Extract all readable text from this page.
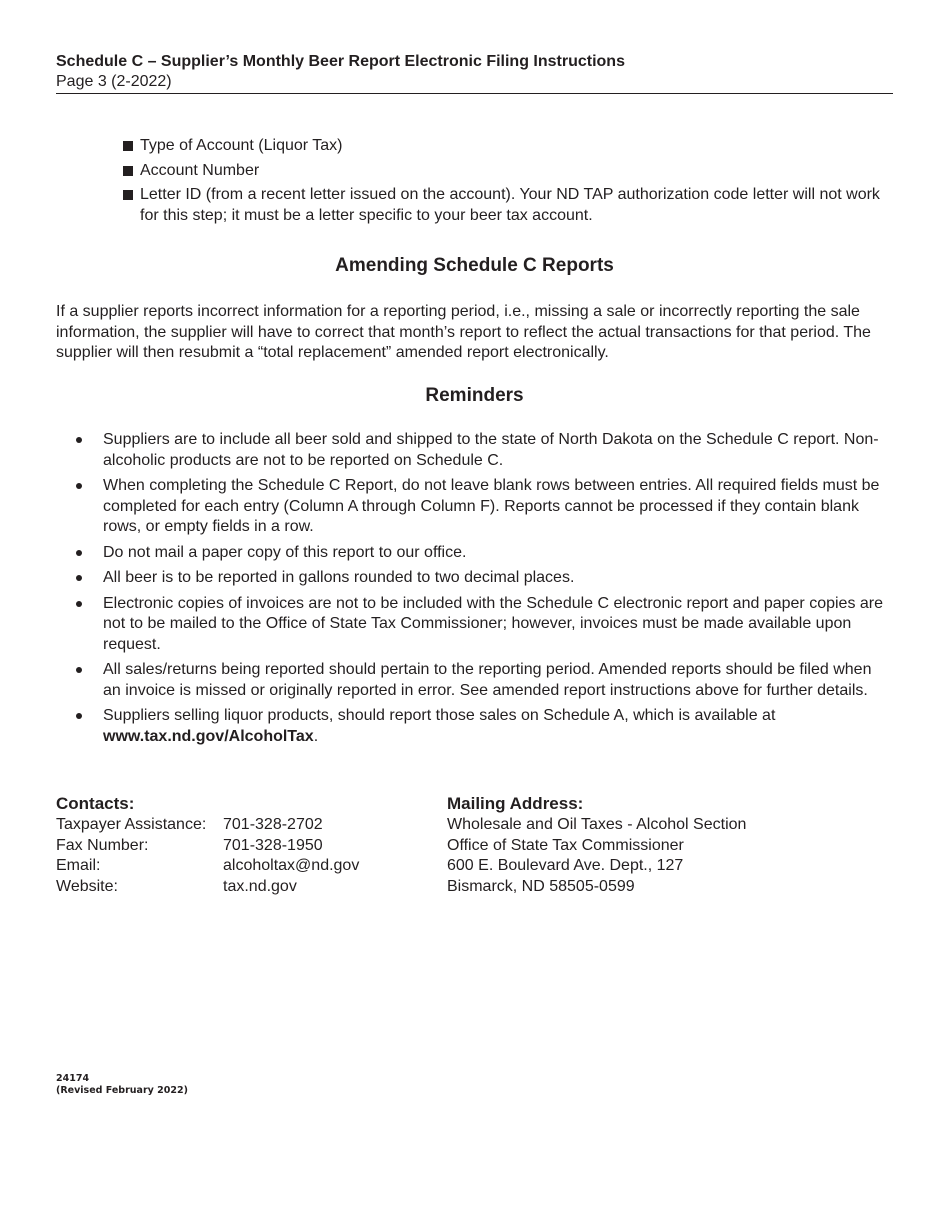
Schedule C – Supplier’s Monthly Beer Report Electronic Filing Instructions
Page 3 (2-2022)
Type of Account (Liquor Tax)
Account Number
Letter ID (from a recent letter issued on the account). Your ND TAP authorization code letter will not work for this step; it must be a letter specific to your beer tax account.
Amending Schedule C Reports

If a supplier reports incorrect information for a reporting period, i.e., missing a sale or incorrectly reporting the sale information, the supplier will have to correct that month’s report to reflect the actual transactions for that period. The supplier will then resubmit a “total replacement” amended report electronically.

Reminders
Suppliers are to include all beer sold and shipped to the state of North Dakota on the Schedule C report. Non-alcoholic products are not to be reported on Schedule C.
When completing the Schedule C Report, do not leave blank rows between entries. All required fields must be completed for each entry (Column A through Column F). Reports cannot be processed if they contain blank rows, or empty fields in a row.
Do not mail a paper copy of this report to our office.
All beer is to be reported in gallons rounded to two decimal places.
Electronic copies of invoices are not to be included with the Schedule C electronic report and paper copies are not to be mailed to the Office of State Tax Commissioner; however, invoices must be made available upon request.
All sales/returns being reported should pertain to the reporting period. Amended reports should be filed when an invoice is missed or originally reported in error. See amended report instructions above for further details.
Suppliers selling liquor products, should report those sales on Schedule A, which is available at
www.tax.nd.gov/AlcoholTax.
Contacts:
Taxpayer Assistance:	701-328-2702
Fax Number:	701-328-1950
Email:	alcoholtax@nd.gov
Website:	tax.nd.gov
Mailing Address:
Wholesale and Oil Taxes - Alcohol Section
Office of State Tax Commissioner
600 E. Boulevard Ave. Dept., 127
Bismarck, ND 58505-0599
24174
(Revised February 2022)
